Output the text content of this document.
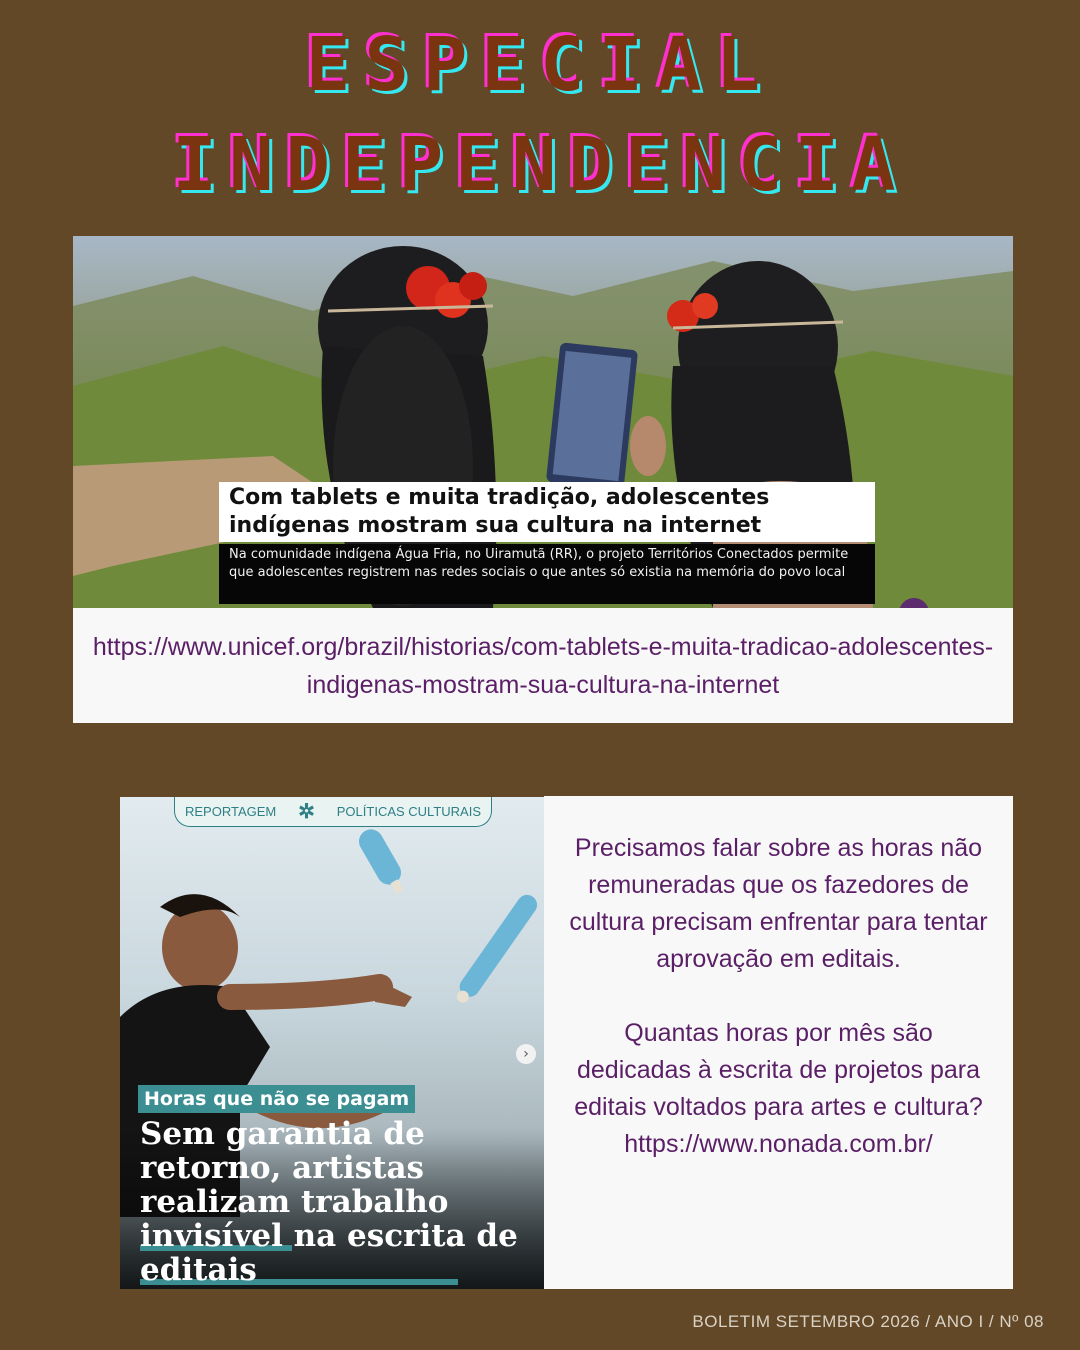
ESPECIAL
INDEPENDENCIA
Com tablets e muita tradição, adolescentes indígenas mostram sua cultura na internet
Na comunidade indígena Água Fria, no Uiramutã (RR), o projeto Territórios Conectados permite que adolescentes registrem nas redes sociais o que antes só existia na memória do povo local
https://www.unicef.org/brazil/historias/com-tablets-e-muita-tradicao-adolescentes-indigenas-mostram-sua-cultura-na-internet
REPORTAGEM	✲	POLÍTICAS CULTURAIS
›
Horas que não se pagam
Sem garantia de retorno, artistas realizam trabalho invisível na escrita de editais

Precisamos falar sobre as horas não remuneradas que os fazedores de cultura precisam enfrentar para tentar aprovação em editais.

Quantas horas por mês são dedicadas à escrita de projetos para editais voltados para artes e cultura?
https://www.nonada.com.br/

BOLETIM SETEMBRO 2026 / ANO I / Nº 08
